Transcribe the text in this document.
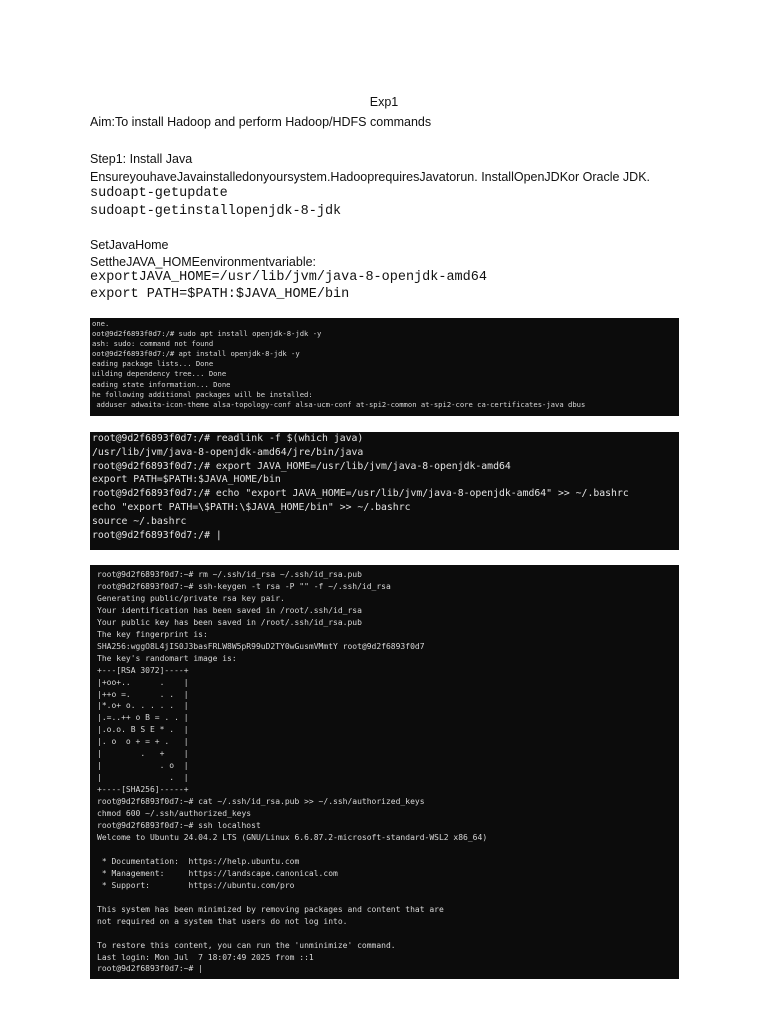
Exp1
Aim:To install Hadoop and perform Hadoop/HDFS commands
Step1: Install Java
EnsureyouhaveJavainstalledonyoursystem.HadooprequiresJavatorun. InstallOpenJDKor Oracle JDK.
sudoapt-getupdate
sudoapt-getinstallopenjdk-8-jdk
SetJavaHome
SettheJAVA_HOMEenvironmentvariable:
exportJAVA_HOME=/usr/lib/jvm/java-8-openjdk-amd64
export PATH=$PATH:$JAVA_HOME/bin
one.
oot@9d2f6893f0d7:/# sudo apt install openjdk-8-jdk -y
ash: sudo: command not found
oot@9d2f6893f0d7:/# apt install openjdk-8-jdk -y
eading package lists... Done
uilding dependency tree... Done
eading state information... Done
he following additional packages will be installed:
adduser adwaita-icon-theme alsa-topology-conf alsa-ucm-conf at-spi2-common at-spi2-core ca-certificates-java dbus
root@9d2f6893f0d7:/# readlink -f $(which java)
/usr/lib/jvm/java-8-openjdk-amd64/jre/bin/java
root@9d2f6893f0d7:/# export JAVA_HOME=/usr/lib/jvm/java-8-openjdk-amd64
export PATH=$PATH:$JAVA_HOME/bin
root@9d2f6893f0d7:/# echo "export JAVA_HOME=/usr/lib/jvm/java-8-openjdk-amd64" >> ~/.bashrc
echo "export PATH=\$PATH:\$JAVA_HOME/bin" >> ~/.bashrc
source ~/.bashrc
root@9d2f6893f0d7:/# |
root@9d2f6893f0d7:~# rm ~/.ssh/id_rsa ~/.ssh/id_rsa.pub
root@9d2f6893f0d7:~# ssh-keygen -t rsa -P "" -f ~/.ssh/id_rsa
Generating public/private rsa key pair.
Your identification has been saved in /root/.ssh/id_rsa
Your public key has been saved in /root/.ssh/id_rsa.pub
The key fingerprint is:
SHA256:wggO8L4jIS0J3basFRLW8W5pR99uD2TY0wGusmVMmtY root@9d2f6893f0d7
The key's randomart image is:
+---[RSA 3072]----+
|+oo+..      .    |
|++o =.      . .  |
|*.o+ o. . . . .  |
|.=..++ o B = . . |
|.o.o. B S E * .  |
|. o  o + = + .   |
|        .   +    |
|            . o  |
|              .  |
+----[SHA256]-----+
root@9d2f6893f0d7:~# cat ~/.ssh/id_rsa.pub >> ~/.ssh/authorized_keys
chmod 600 ~/.ssh/authorized_keys
root@9d2f6893f0d7:~# ssh localhost
Welcome to Ubuntu 24.04.2 LTS (GNU/Linux 6.6.87.2-microsoft-standard-WSL2 x86_64)

* Documentation:  https://help.ubuntu.com
* Management:     https://landscape.canonical.com
* Support:        https://ubuntu.com/pro

This system has been minimized by removing packages and content that are
not required on a system that users do not log into.

To restore this content, you can run the 'unminimize' command.
Last login: Mon Jul  7 18:07:49 2025 from ::1
root@9d2f6893f0d7:~# |
